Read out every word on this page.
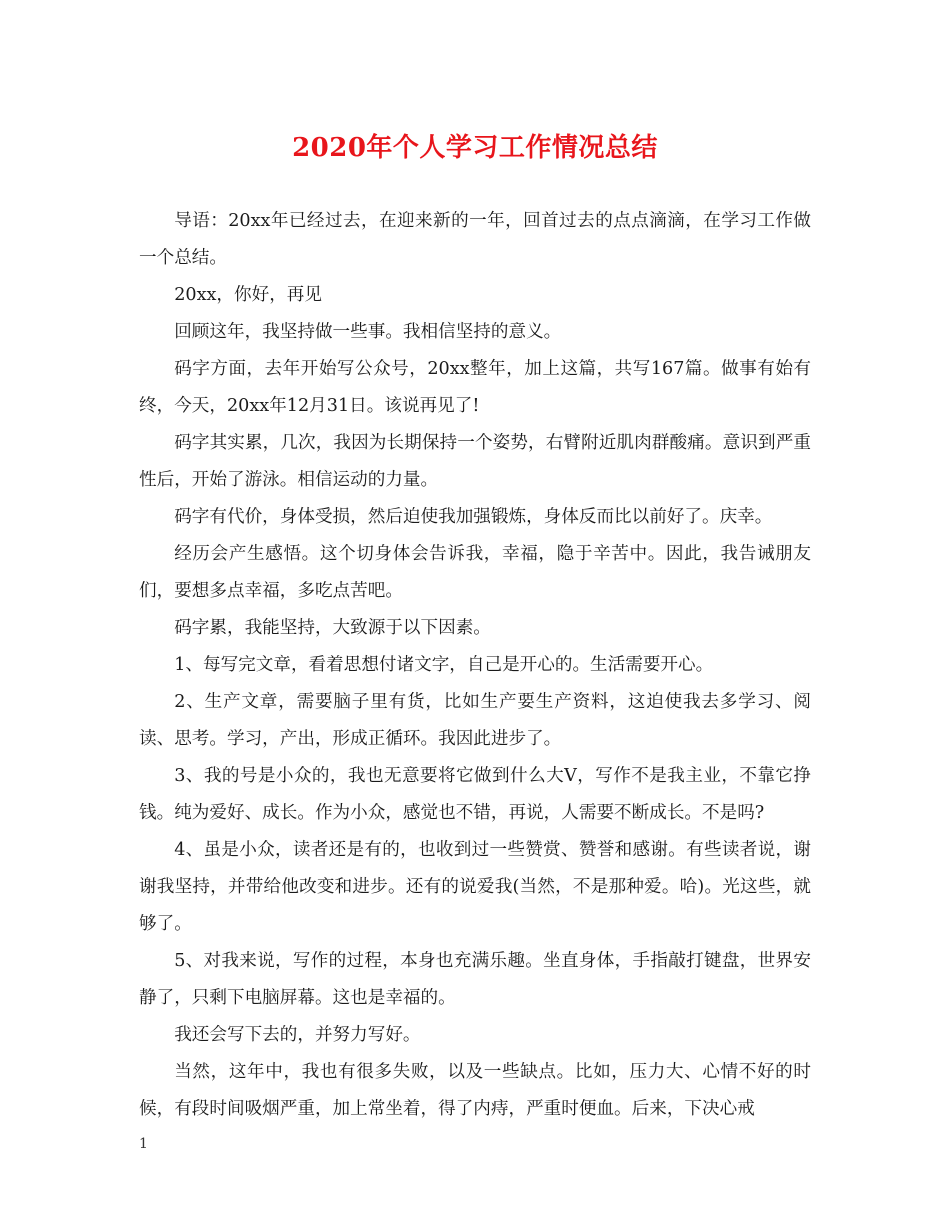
2020年个人学习工作情况总结

导语：20xx年已经过去，在迎来新的一年，回首过去的点点滴滴，在学习工作做一个总结。

20xx，你好，再见

回顾这年，我坚持做一些事。我相信坚持的意义。

码字方面，去年开始写公众号，20xx整年，加上这篇，共写167篇。做事有始有终，今天，20xx年12月31日。该说再见了!

码字其实累，几次，我因为长期保持一个姿势，右臂附近肌肉群酸痛。意识到严重性后，开始了游泳。相信运动的力量。

码字有代价，身体受损，然后迫使我加强锻炼，身体反而比以前好了。庆幸。

经历会产生感悟。这个切身体会告诉我，幸福，隐于辛苦中。因此，我告诫朋友们，要想多点幸福，多吃点苦吧。

码字累，我能坚持，大致源于以下因素。

1、每写完文章，看着思想付诸文字，自己是开心的。生活需要开心。

2、生产文章，需要脑子里有货，比如生产要生产资料，这迫使我去多学习、阅读、思考。学习，产出，形成正循环。我因此进步了。

3、我的号是小众的，我也无意要将它做到什么大V，写作不是我主业，不靠它挣钱。纯为爱好、成长。作为小众，感觉也不错，再说，人需要不断成长。不是吗?

4、虽是小众，读者还是有的，也收到过一些赞赏、赞誉和感谢。有些读者说，谢谢我坚持，并带给他改变和进步。还有的说爱我(当然，不是那种爱。哈)。光这些，就够了。

5、对我来说，写作的过程，本身也充满乐趣。坐直身体，手指敲打键盘，世界安静了，只剩下电脑屏幕。这也是幸福的。

我还会写下去的，并努力写好。

当然，这年中，我也有很多失败，以及一些缺点。比如，压力大、心情不好的时候，有段时间吸烟严重，加上常坐着，得了内痔，严重时便血。后来，下决心戒

1
